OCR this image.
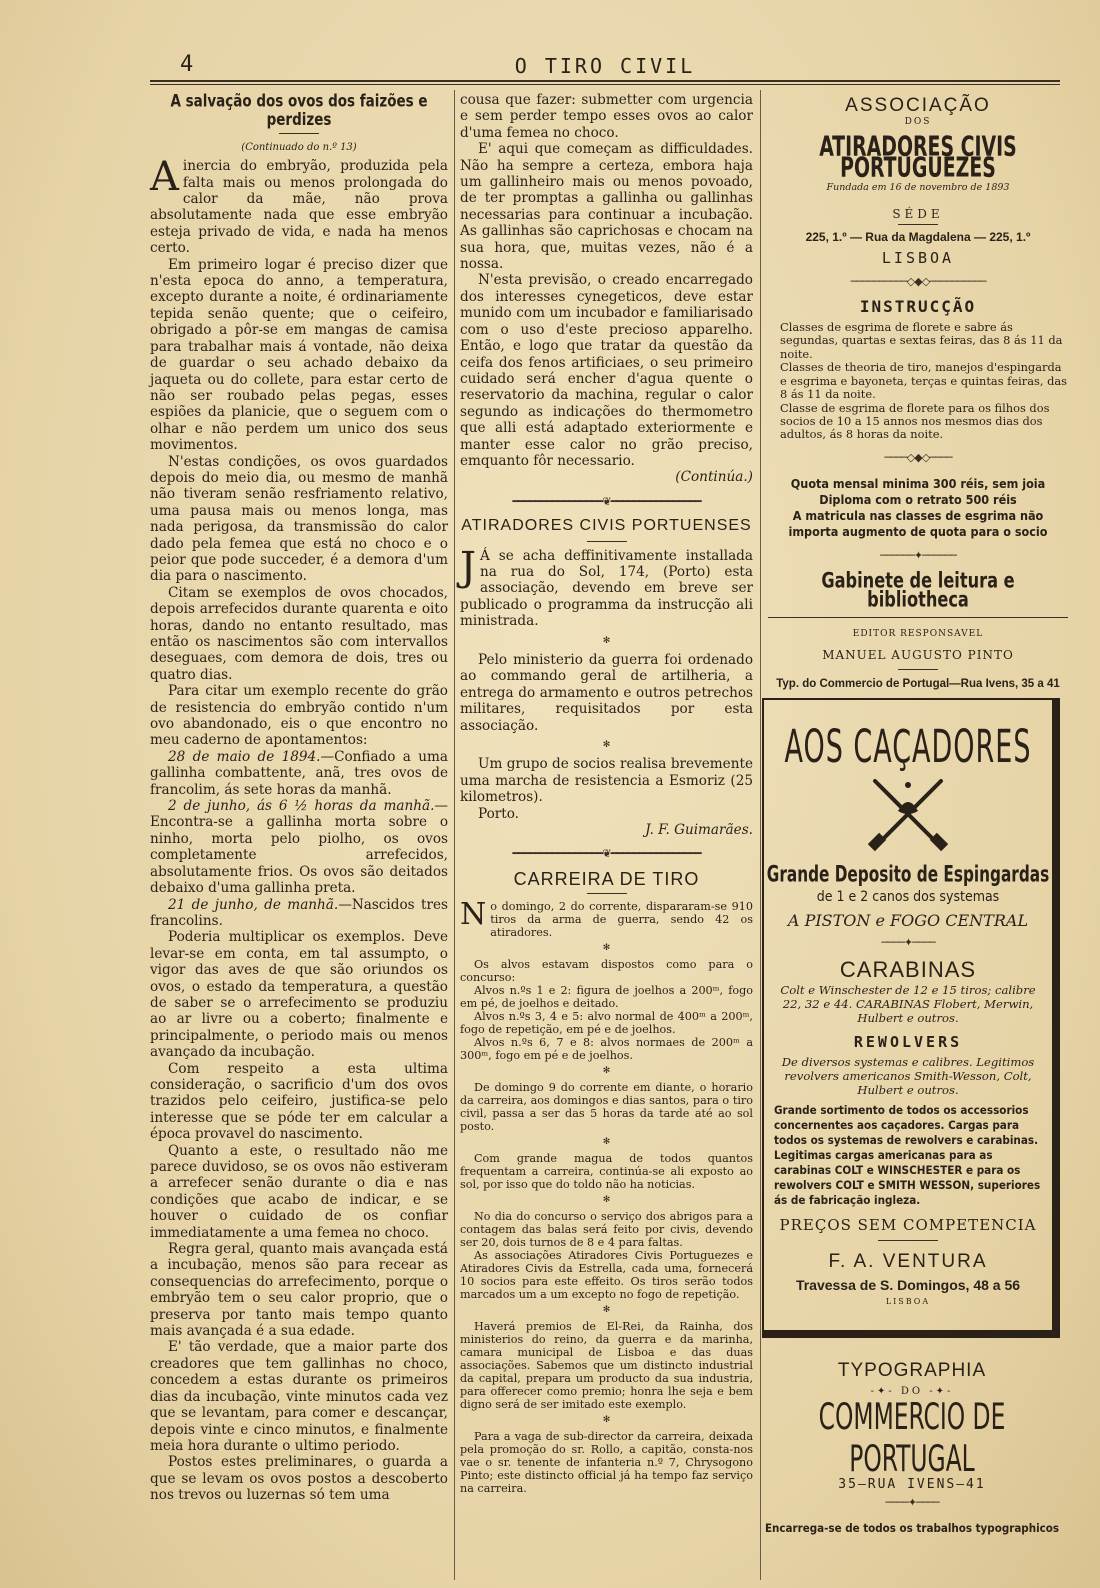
4	O TIRO CIVIL
A salvação dos ovos dos faizões e perdizes
(Continuado do n.º 13)

Ainercia do embryão, produzida pela falta mais ou menos prolongada do calor da mãe, não prova absolutamente nada que esse embryão esteja privado de vida, e nada ha menos certo.

Em primeiro logar é preciso dizer que n'esta epoca do anno, a temperatura, excepto durante a noite, é ordinariamente tepida senão quente; que o ceifeiro, obrigado a pôr-se em mangas de camisa para trabalhar mais á vontade, não deixa de guardar o seu achado debaixo da jaqueta ou do collete, para estar certo de não ser roubado pelas pegas, esses espiões da planicie, que o seguem com o olhar e não perdem um unico dos seus movimentos.

N'estas condições, os ovos guardados depois do meio dia, ou mesmo de manhã não tiveram senão resfriamento relativo, uma pausa mais ou menos longa, mas nada perigosa, da transmissão do calor dado pela femea que está no choco e o peior que pode succeder, é a demora d'um dia para o nascimento.

Citam se exemplos de ovos chocados, depois arrefecidos durante quarenta e oito horas, dando no entanto resultado, mas então os nascimentos são com intervallos deseguaes, com demora de dois, tres ou quatro dias.

Para citar um exemplo recente do grão de resistencia do embryão contido n'um ovo abandonado, eis o que encontro no meu caderno de apontamentos:

28 de maio de 1894.—Confiado a uma gallinha combattente, anã, tres ovos de francolim, ás sete horas da manhã.

2 de junho, ás 6 ½ horas da manhã.—Encontra-se a gallinha morta sobre o ninho, morta pelo piolho, os ovos completamente arrefecidos, absolutamente frios. Os ovos são deitados debaixo d'uma gallinha preta.

21 de junho, de manhã.—Nascidos tres francolins.

Poderia multiplicar os exemplos. Deve levar-se em conta, em tal assumpto, o vigor das aves de que são oriundos os ovos, o estado da temperatura, a questão de saber se o arrefecimento se produziu ao ar livre ou a coberto; finalmente e principalmente, o periodo mais ou menos avançado da incubação.

Com respeito a esta ultima consideração, o sacrificio d'um dos ovos trazidos pelo ceifeiro, justifica-se pelo interesse que se póde ter em calcular a época provavel do nascimento.

Quanto a este, o resultado não me parece duvidoso, se os ovos não estiveram a arrefecer senão durante o dia e nas condições que acabo de indicar, e se houver o cuidado de os confiar immediatamente a uma femea no choco.

Regra geral, quanto mais avançada está a incubação, menos são para recear as consequencias do arrefecimento, porque o embryão tem o seu calor proprio, que o preserva por tanto mais tempo quanto mais avançada é a sua edade.

E' tão verdade, que a maior parte dos creadores que tem gallinhas no choco, concedem a estas durante os primeiros dias da incubação, vinte minutos cada vez que se levantam, para comer e descançar, depois vinte e cinco minutos, e finalmente meia hora durante o ultimo periodo.

Postos estes preliminares, o guarda a que se levam os ovos postos a descoberto nos trevos ou luzernas só tem uma

cousa que fazer: submetter com urgencia e sem perder tempo esses ovos ao calor d'uma femea no choco.

E' aqui que começam as difficuldades. Não ha sempre a certeza, embora haja um gallinheiro mais ou menos povoado, de ter promptas a gallinha ou gallinhas necessarias para continuar a incubação. As gallinhas são caprichosas e chocam na sua hora, que, muitas vezes, não é a nossa.

N'esta previsão, o creado encarregado dos interesses cynegeticos, deve estar munido com um incubador e familiarisado com o uso d'este precioso apparelho. Então, e logo que tratar da questão da ceifa dos fenos artificiaes, o seu primeiro cuidado será encher d'agua quente o reservatorio da machina, regular o calor segundo as indicações do thermometro que alli está adaptado exteriormente e manter esse calor no grão preciso, emquanto fôr necessario.

(Continúa.)
━━━━━━━━━━━━━━━━❦━━━━━━━━━━━━━━━━
ATIRADORES CIVIS PORTUENSES

J Á se acha deffinitivamente installada na rua do Sol, 174, (Porto) esta associação, devendo em breve ser publicado o programma da instrucção ali ministrada.

✻

Pelo ministerio da guerra foi ordenado ao commando geral de artilheria, a entrega do armamento e outros petrechos militares, requisitados por esta associação.

✻

Um grupo de socios realisa brevemente uma marcha de resistencia a Esmoriz (25 kilometros).

Porto.

J. F. Guimarães.
━━━━━━━━━━━━━━━━❦━━━━━━━━━━━━━━━━
CARREIRA DE TIRO

No domingo, 2 do corrente, dispararam-se 910 tiros da arma de guerra, sendo 42 os atiradores.

✻

Os alvos estavam dispostos como para o concurso:

Alvos n.ºs 1 e 2: figura de joelhos a 200ᵐ, fogo em pé, de joelhos e deitado.

Alvos n.ºs 3, 4 e 5: alvo normal de 400ᵐ a 200ᵐ, fogo de repetição, em pé e de joelhos.

Alvos n.ºs 6, 7 e 8: alvos normaes de 200ᵐ a 300ᵐ, fogo em pé e de joelhos.

✻

De domingo 9 do corrente em diante, o horario da carreira, aos domingos e dias santos, para o tiro civil, passa a ser das 5 horas da tarde até ao sol posto.

✻

Com grande magua de todos quantos frequentam a carreira, continúa-se ali exposto ao sol, por isso que do toldo não ha noticias.

✻

No dia do concurso o serviço dos abrigos para a contagem das balas será feito por civis, devendo ser 20, dois turnos de 8 e 4 para faltas.

As associações Atiradores Civis Portuguezes e Atiradores Civis da Estrella, cada uma, fornecerá 10 socios para este effeito. Os tiros serão todos marcados um a um excepto no fogo de repetição.

✻

Haverá premios de El-Rei, da Rainha, dos ministerios do reino, da guerra e da marinha, camara municipal de Lisboa e das duas associações. Sabemos que um distincto industrial da capital, prepara um producto da sua industria, para offerecer como premio; honra lhe seja e bem digno será de ser imitado este exemplo.

✻

Para a vaga de sub-director da carreira, deixada pela promoção do sr. Rollo, a capitão, consta-nos vae o sr. tenente de infanteria n.º 7, Chrysogono Pinto; este distincto official já ha tempo faz serviço na carreira.

ASSOCIAÇÃO
DOS
ATIRADORES CIVIS PORTUGUEZES
Fundada em 16 de novembro de 1893
SÉDE
225, 1.º — Rua da Magdalena — 225, 1.º
LISBOA
──────────◇◆◇──────────
INSTRUCÇÃO

Classes de esgrima de florete e sabre ás segundas, quartas e sextas feiras, das 8 ás 11 da noite.

Classes de theoria de tiro, manejos d'espingarda e esgrima e bayoneta, terças e quintas feiras, das 8 ás 11 da noite.

Classe de esgrima de florete para os filhos dos socios de 10 a 15 annos nos mesmos dias dos adultos, ás 8 horas da noite.

────◇◆◇────
Quota mensal minima 300 réis, sem joia
Diploma com o retrato 500 réis
A matricula nas classes de esgrima não importa augmento de quota para o socio
──────✦──────
Gabinete de leitura e bibliotheca
EDITOR RESPONSAVEL
MANUEL AUGUSTO PINTO
Typ. do Commercio de Portugal—Rua Ivens, 35 a 41
AOS CAÇADORES
Grande Deposito de Espingardas
de 1 e 2 canos dos systemas
A PISTON e FOGO CENTRAL
────✦────
CARABINAS
Colt e Winschester de 12 e 15 tiros; calibre 22, 32 e 44. CARABINAS Flobert, Merwin, Hulbert e outros.
REWOLVERS
De diversos systemas e calibres. Legitimos revolvers americanos Smith-Wesson, Colt, Hulbert e outros.
Grande sortimento de todos os accessorios concernentes aos caçadores. Cargas para todos os systemas de rewolvers e carabinas. Legitimas cargas americanas para as carabinas COLT e WINSCHESTER e para os rewolvers COLT e SMITH WESSON, superiores ás de fabricação ingleza.
PREÇOS SEM COMPETENCIA
F. A. VENTURA
Travessa de S. Domingos, 48 a 56
LISBOA
TYPOGRAPHIA
-✦- DO -✦-
COMMERCIO DE PORTUGAL
35—RUA IVENS—41
────✦────
Encarrega-se de todos os trabalhos typographicos
